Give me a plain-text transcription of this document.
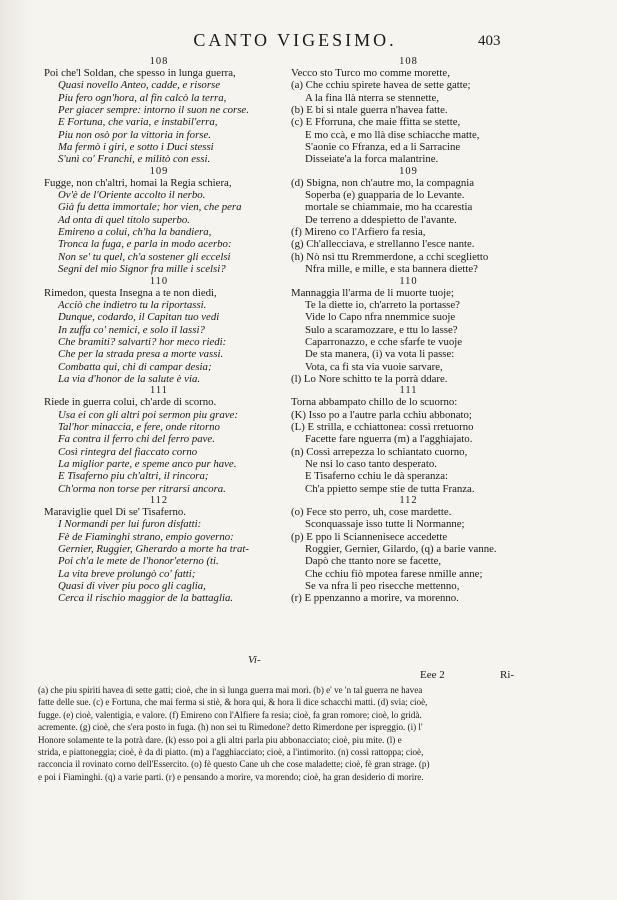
CANTO VIGESIMO.	403
108
Poi che'l Soldan, che spesso in lunga guerra,
Quasi novello Anteo, cadde, e risorse
Piu fero ogn'hora, al fin calcò la terra,
Per giacer sempre: intorno il suon ne corse.
E Fortuna, che varia, e instabil'erra,
Piu non osò por la vittoria in forse.
Ma fermò i giri, e sotto i Duci stessi
S'unì co' Franchi, e militò con essi.
109
Fugge, non ch'altri, homai la Regia schiera,
Ov'è de l'Oriente accolto il nerbo.
Già fu detta immortale; hor vien, che pera
Ad onta di quel titolo superbo.
Emireno a colui, ch'ha la bandiera,
Tronca la fuga, e parla in modo acerbo:
Non se' tu quel, ch'a sostener gli eccelsi
Segni del mio Signor fra mille i scelsi?
110
Rimedon, questa Insegna a te non diedi,
Acciò che indietro tu la riportassi.
Dunque, codardo, il Capitan tuo vedi
In zuffa co' nemici, e solo il lassi?
Che bramiti? salvarti? hor meco riedi:
Che per la strada presa a morte vassi.
Combatta qui, chi di campar desia;
La via d'honor de la salute è via.
111
Riede in guerra colui, ch'arde di scorno.
Usa ei con gli altri poi sermon piu grave:
Tal'hor minaccia, e fere, onde ritorno
Fa contra il ferro chi del ferro pave.
Così rintegra del fiaccato corno
La miglior parte, e speme anco pur have.
E Tisaferno piu ch'altri, il rincora;
Ch'orma non torse per ritrarsi ancora.
112
Maraviglie quel Dì se' Tisaferno.
I Normandi per lui furon disfatti:
Fè de Fiaminghi strano, empio governo:
Gernier, Ruggier, Gherardo a morte ha trat-
Poi ch'a le mete de l'honor'eterno (ti.
La vita breve prolungò co' fatti;
Quasi di viver piu poco gli caglia,
Cerca il rischio maggior de la battaglia.
108
Vecco sto Turco mo comme morette,
(a) Che cchiu spirete havea de sette gatte;
A la fina llà nterra se stennette,
(b) E bi si ntale guerra n'havea fatte.
(c) E Fforruna, che maie ffitta se stette,
E mo ccà, e mo llà dise schiacche matte,
S'aonie co Ffranza, ed a li Sarracine
Disseiate'a la forca malantrine.
109
(d) Sbigna, non ch'autre mo, la compagnia
Soperba (e) guapparia de lo Levante.
mortale se chiammaie, mo ha ccarestia
De terreno a ddespietto de l'avante.
(f) Mireno co l'Arfiero fa resia,
(g) Ch'allecciava, e strellanno l'esce nante.
(h) Nò nsì ttu Rremmerdone, a cchi sceglietto
Nfra mille, e mille, e sta bannera diette?
110
Mannaggia ll'arma de li muorte tuoje;
Te la diette io, ch'arreto la portasse?
Vide lo Capo nfra nnemmice suoje
Sulo a scaramozzare, e ttu lo lasse?
Caparronazzo, e cche sfarfe te vuoje
De sta manera, (i) va vota li passe:
Vota, ca fi sta via vuoie sarvare,
(l) Lo Nore schitto te la porrà ddare.
111
Torna abbampato chillo de lo scuorno:
(K) Isso po a l'autre parla cchiu abbonato;
(L) E strilla, e cchiattonea: cossì rretuorno
Facette fare nguerra (m) a l'agghiajato.
(n) Cossì arrepezza lo schiantato cuorno,
Ne nsi lo caso tanto desperato.
E Tisaferno cchiu le dà speranza:
Ch'a ppietto sempe stie de tutta Franza.
112
(o) Fece sto perro, uh, cose mardette.
Sconquassaje isso tutte li Normanne;
(p) E ppo li Sciannenisece accedette
Roggier, Gernier, Gilardo, (q) a barie vanne.
Dapò che ttanto nore se facette,
Che cchiu fiò mpotea farese nmille anne;
Se va nfra li peo risecche mettenno,
(r) E ppenzanno a morire, va morenno.
Vi-
Eee 2	Ri-
(a) che piu spiriti havea di sette gatti; cioè, che in sì lunga guerra mai morì. (b) e' ve 'n tal guerra ne havea
fatte delle sue. (c) e Fortuna, che mai ferma si stiè, & hora qui, & hora lì dice schacchi matti. (d) svia; cioè,
fugge. (e) cioè, valentigia, e valore. (f) Emireno con l'Alfiere fa resia; cioè, fa gran romore; cioè, lo gridà.
acremente. (g) cioè, che s'era posto in fuga. (h) non sei tu Rimedone? detto Rimerdone per ispreggio. (i) l'
Honore solamente te la potrà dare. (k) esso poi a gli altri parla piu abbonacciato; cioè, piu mite. (l) e
strida, e piattoneggia; cioè, è da di piatto. (m) a l'agghiacciato; cioè, a l'intimorito. (n) cossì rattoppa; cioè,
racconcia il rovinato corno dell'Essercito. (o) fè questo Cane uh che cose maladette; cioè, fè gran strage. (p)
e poi i Fiaminghi. (q) a varie parti. (r) e pensando a morire, va morendo; cioè, ha gran desiderio di morire.
